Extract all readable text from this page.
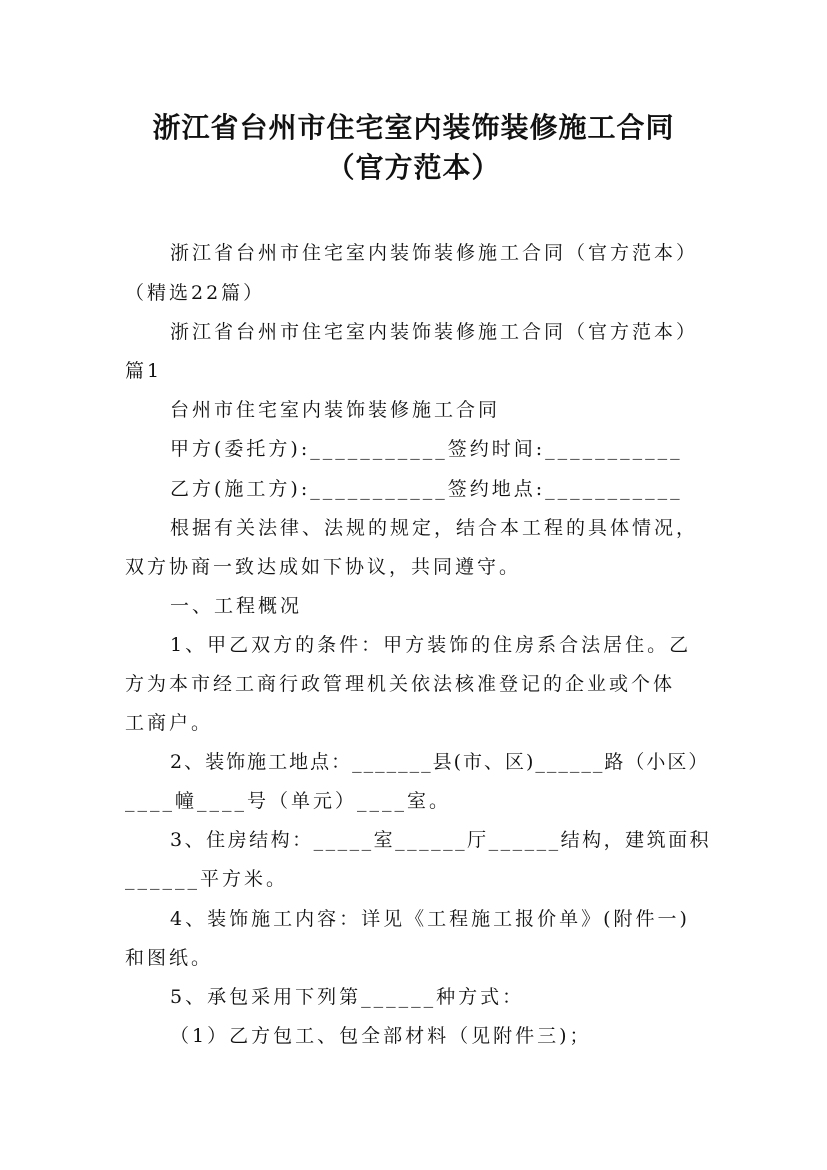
浙江省台州市住宅室内装饰装修施工合同
（官方范本）
浙江省台州市住宅室内装饰装修施工合同（官方范本）
（精选22篇）
浙江省台州市住宅室内装饰装修施工合同（官方范本）
篇1
台州市住宅室内装饰装修施工合同
甲方(委托方):___________签约时间:___________
乙方(施工方):___________签约地点:___________
根据有关法律、法规的规定，结合本工程的具体情况，
双方协商一致达成如下协议，共同遵守。
一、工程概况
1、甲乙双方的条件：甲方装饰的住房系合法居住。乙
方为本市经工商行政管理机关依法核准登记的企业或个体
工商户。
2、装饰施工地点：_______县(市、区)______路（小区）
____幢____号（单元）____室。
3、住房结构：_____室______厅______结构，建筑面积
______平方米。
4、装饰施工内容：详见《工程施工报价单》(附件一)
和图纸。
5、承包采用下列第______种方式：
（1）乙方包工、包全部材料（见附件三)；
